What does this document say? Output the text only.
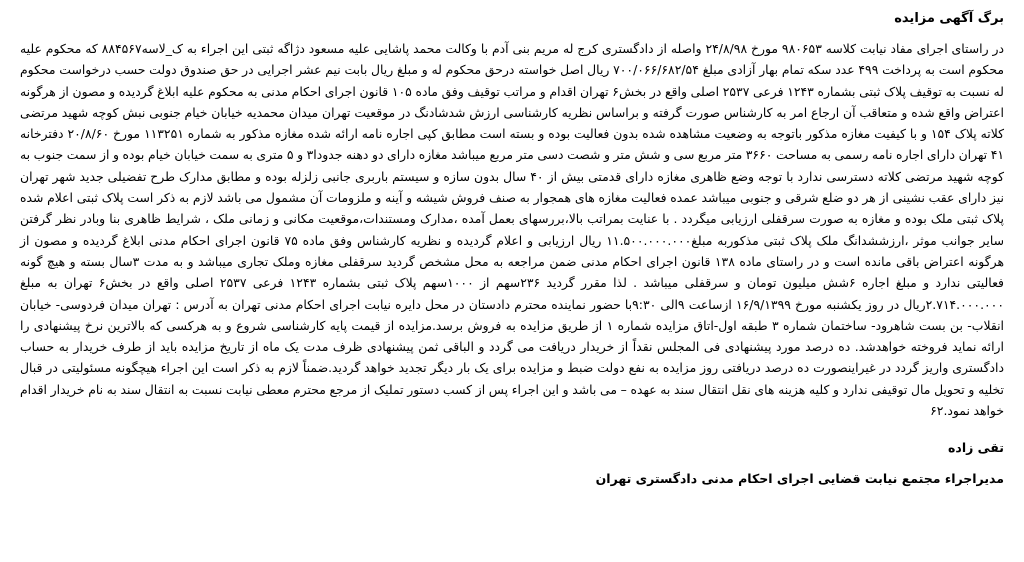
برگ آگهی مزایده
در راستای اجرای مفاد نیابت کلاسه ۹۸۰۶۵۳ مورخ ۲۴/۸/۹۸ واصله از دادگستری کرج له مریم بنی آدم با وکالت محمد پاشایی علیه مسعود دژاگه ثبتی این اجراء به ک_لاسه۸۸۴۵۶۷ که محکوم علیه محکوم است به پرداخت ۴۹۹ عدد سکه تمام بهار آزادی مبلغ ۷۰۰/۰۶۶/۶۸۲/۵۴ ریال اصل خواسته درحق محکوم له و مبلغ ریال بابت نیم عشر اجرایی در حق صندوق دولت حسب درخواست محکوم له نسبت به توقیف پلاک ثبتی بشماره ۱۲۴۳ فرعی ۲۵۳۷ اصلی واقع در بخش۶ تهران اقدام و مراتب توقیف وفق ماده ۱۰۵ قانون اجرای احکام مدنی به محکوم علیه ابلاغ گردیده و مصون از هرگونه اعتراض واقع شده و متعاقب آن ارجاع امر به کارشناس صورت گرفته و براساس نظریه کارشناسی ارزش شدشادنگ در موقعیت تهران میدان محمدیه خیابان خیام جنوبی نبش کوچه شهید مرتضی کلاته پلاک ۱۵۴ و با کیفیت مغازه مذکور باتوجه به وضعیت مشاهده شده بدون فعالیت بوده و بسته است مطابق کپی اجاره نامه ارائه شده مغازه مذکور به شماره ۱۱۳۲۵۱ مورخ ۲۰/۸/۶۰ دفترخانه ۴۱ تهران دارای اجاره نامه رسمی به مساحت ۳۶۶۰ متر مربع سی و شش متر و شصت دسی متر مربع میباشد مغازه دارای دو دهنه جدودا۳ و ۵ متری به سمت خیابان خیام بوده و از سمت جنوب به کوچه شهید مرتضی کلاته دسترسی ندارد با توجه وضع ظاهری مغازه دارای قدمتی بیش از ۴۰ سال بدون سازه و سیستم باربری جانبی زلزله بوده و مطابق مدارک طرح تفضیلی جدید شهر تهران نیز دارای عقب نشینی از هر دو ضلع شرقی و جنوبی میباشد عمده فعالیت مغازه های همجوار به صنف فروش شیشه و آینه و ملزومات آن مشمول می باشد لازم به ذکر است پلاک ثبتی اعلام شده پلاک ثبتی ملک بوده و مغازه به صورت سرقفلی ارزیابی میگردد . با عنایت بمراتب بالا،بررسهای بعمل آمده ،مدارک ومستندات،موقعیت مکانی و زمانی ملک ، شرایط ظاهری بنا وبادر نظر گرفتن سایر جوانب موثر ،ارزششدانگ ملک پلاک ثبتی مذکوربه مبلغ۱۱.۵۰۰.۰۰۰.۰۰۰ ریال ارزیابی و اعلام گردیده و نظریه کارشناس وفق ماده ۷۵ قانون اجرای احکام مدنی ابلاغ گردیده و مصون از هرگونه اعتراض باقی مانده است و در راستای ماده ۱۳۸ قانون اجرای احکام مدنی ضمن مراجعه به محل مشخص گردید سرقفلی مغازه وملک تجاری میباشد و به مدت ۳سال بسته و هیچ گونه فعالیتی ندارد و مبلغ اجاره ۶شش میلیون تومان و سرقفلی میباشد . لذا مقرر گردید ۲۳۶سهم از ۱۰۰۰سهم پلاک ثبتی بشماره ۱۲۴۳ فرعی ۲۵۳۷ اصلی واقع در بخش۶ تهران به مبلغ ۲.۷۱۴.۰۰۰.۰۰۰ریال در روز یکشنبه مورخ ۱۶/۹/۱۳۹۹ ازساعت ۹الی ۹:۳۰با حضور نماینده محترم دادستان در محل دایره نیابت اجرای احکام مدنی تهران به آدرس : تهران میدان فردوسی- خیابان انقلاب- بن بست شاهرود- ساختمان شماره ۳ طبقه اول-اتاق مزایده شماره ۱ از طریق مزایده به فروش برسد.مزایده از قیمت پایه کارشناسی شروع و به هرکسی که بالاترین نرخ پیشنهادی را ارائه نماید فروخته خواهدشد. ده درصد مورد پیشنهادی فی المجلس نقداً از خریدار دریافت می گردد و الباقی ثمن پیشنهادی ظرف مدت یک ماه از تاریخ مزایده باید از طرف خریدار به حساب دادگستری واریز گردد در غیراینصورت ده درصد دریافتی روز مزایده به نفع دولت ضبط و مزایده برای یک بار دیگر تجدید خواهد گردید.ضمناً لازم به ذکر است این اجراء هیچگونه مسئولیتی در قبال تخلیه و تحویل مال توقیفی ندارد و کلیه هزینه های نقل انتقال سند به عهده – می باشد و این اجراء پس از کسب دستور تملیک از مرجع محترم معطی نیابت نسبت به انتقال سند به نام خریدار اقدام خواهد نمود.۶۲
تقی زاده
مدیراجراء مجتمع نیابت قضایی اجرای احکام مدنی دادگستری تهران
